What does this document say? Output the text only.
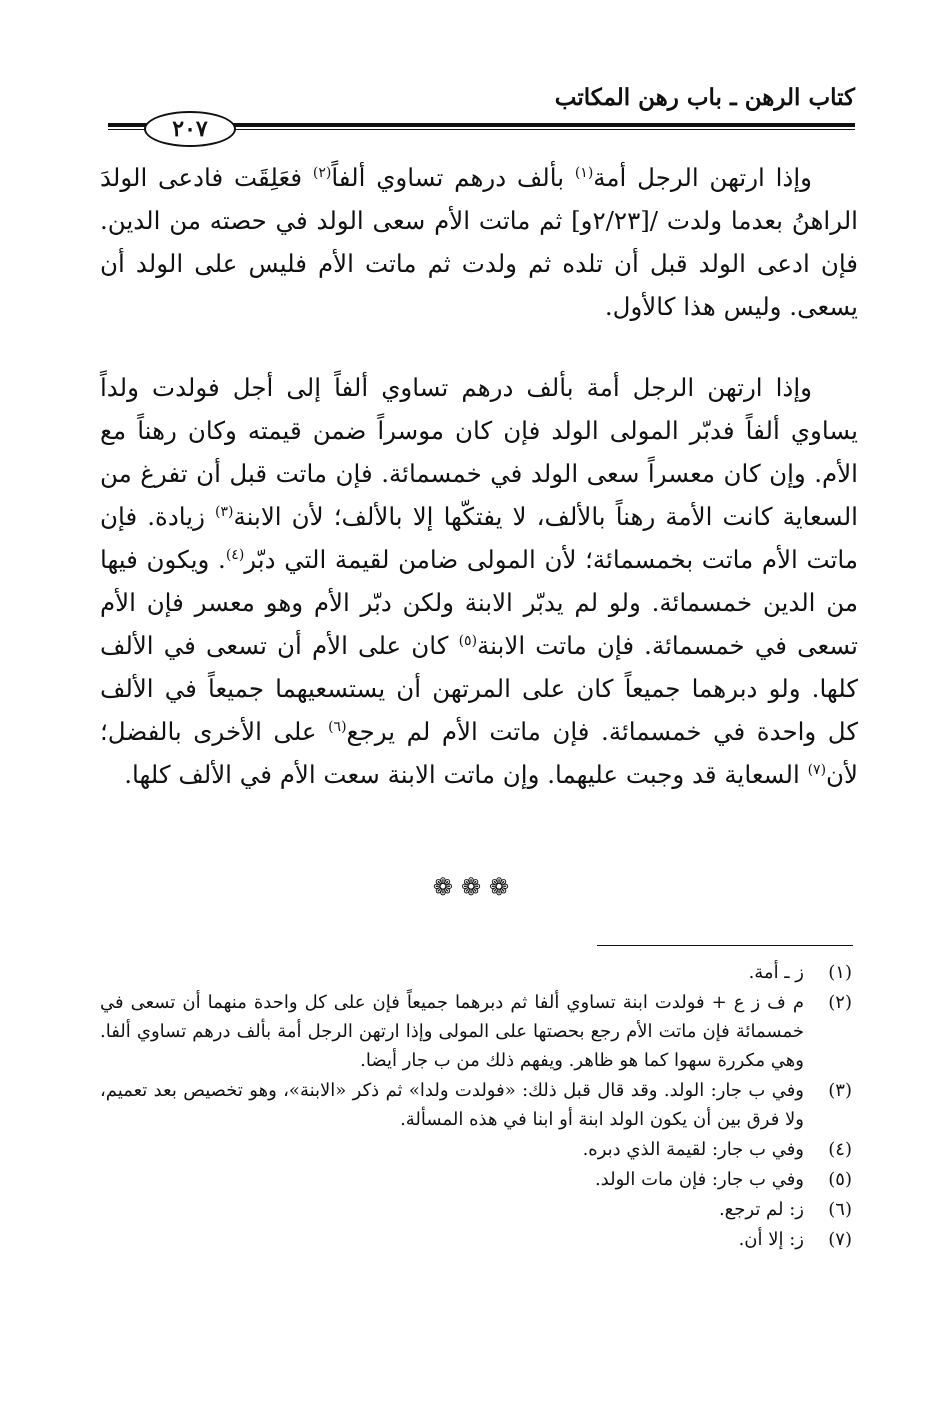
كتاب الرهن ـ باب رهن المكاتب
٢٠٧
وإذا ارتهن الرجل أمة$^{(١)}$ بألف درهم تساوي ألفاً$^{(٢)}$ فعَلِقَت فادعى الولدَ الراهنُ بعدما ولدت /[٢/٢٣و] ثم ماتت الأم سعى الولد في حصته من الدين. فإن ادعى الولد قبل أن تلده ثم ولدت ثم ماتت الأم فليس على الولد أن يسعى. وليس هذا كالأول.
وإذا ارتهن الرجل أمة بألف درهم تساوي ألفاً إلى أجل فولدت ولداً يساوي ألفاً فدبّر المولى الولد فإن كان موسراً ضمن قيمته وكان رهناً مع الأم. وإن كان معسراً سعى الولد في خمسمائة. فإن ماتت قبل أن تفرغ من السعاية كانت الأمة رهناً بالألف، لا يفتكّها إلا بالألف؛ لأن الابنة$^{(٣)}$ زيادة. فإن ماتت الأم ماتت بخمسمائة؛ لأن المولى ضامن لقيمة التي دبّر$^{(٤)}$. ويكون فيها من الدين خمسمائة. ولو لم يدبّر الابنة ولكن دبّر الأم وهو معسر فإن الأم تسعى في خمسمائة. فإن ماتت الابنة$^{(٥)}$ كان على الأم أن تسعى في الألف كلها. ولو دبرهما جميعاً كان على المرتهن أن يستسعيهما جميعاً في الألف كل واحدة في خمسمائة. فإن ماتت الأم لم يرجع$^{(٦)}$ على الأخرى بالفضل؛ لأن$^{(٧)}$ السعاية قد وجبت عليهما. وإن ماتت الابنة سعت الأم في الألف كلها.
❁❁❁
(١)
ز ـ أمة.
(٢)
م ف ز ع + فولدت ابنة تساوي ألفا ثم دبرهما جميعاً فإن على كل واحدة منهما أن تسعى في خمسمائة فإن ماتت الأم رجع بحصتها على المولى وإذا ارتهن الرجل أمة بألف درهم تساوي ألفا. وهي مكررة سهوا كما هو ظاهر. ويفهم ذلك من ب جار أيضا.
(٣)
وفي ب جار: الولد. وقد قال قبل ذلك: «فولدت ولدا» ثم ذكر «الابنة»، وهو تخصيص بعد تعميم، ولا فرق بين أن يكون الولد ابنة أو ابنا في هذه المسألة.
(٤)
وفي ب جار: لقيمة الذي دبره.
(٥)
وفي ب جار: فإن مات الولد.
(٦)
ز: لم ترجع.
(٧)
ز: إلا أن.
